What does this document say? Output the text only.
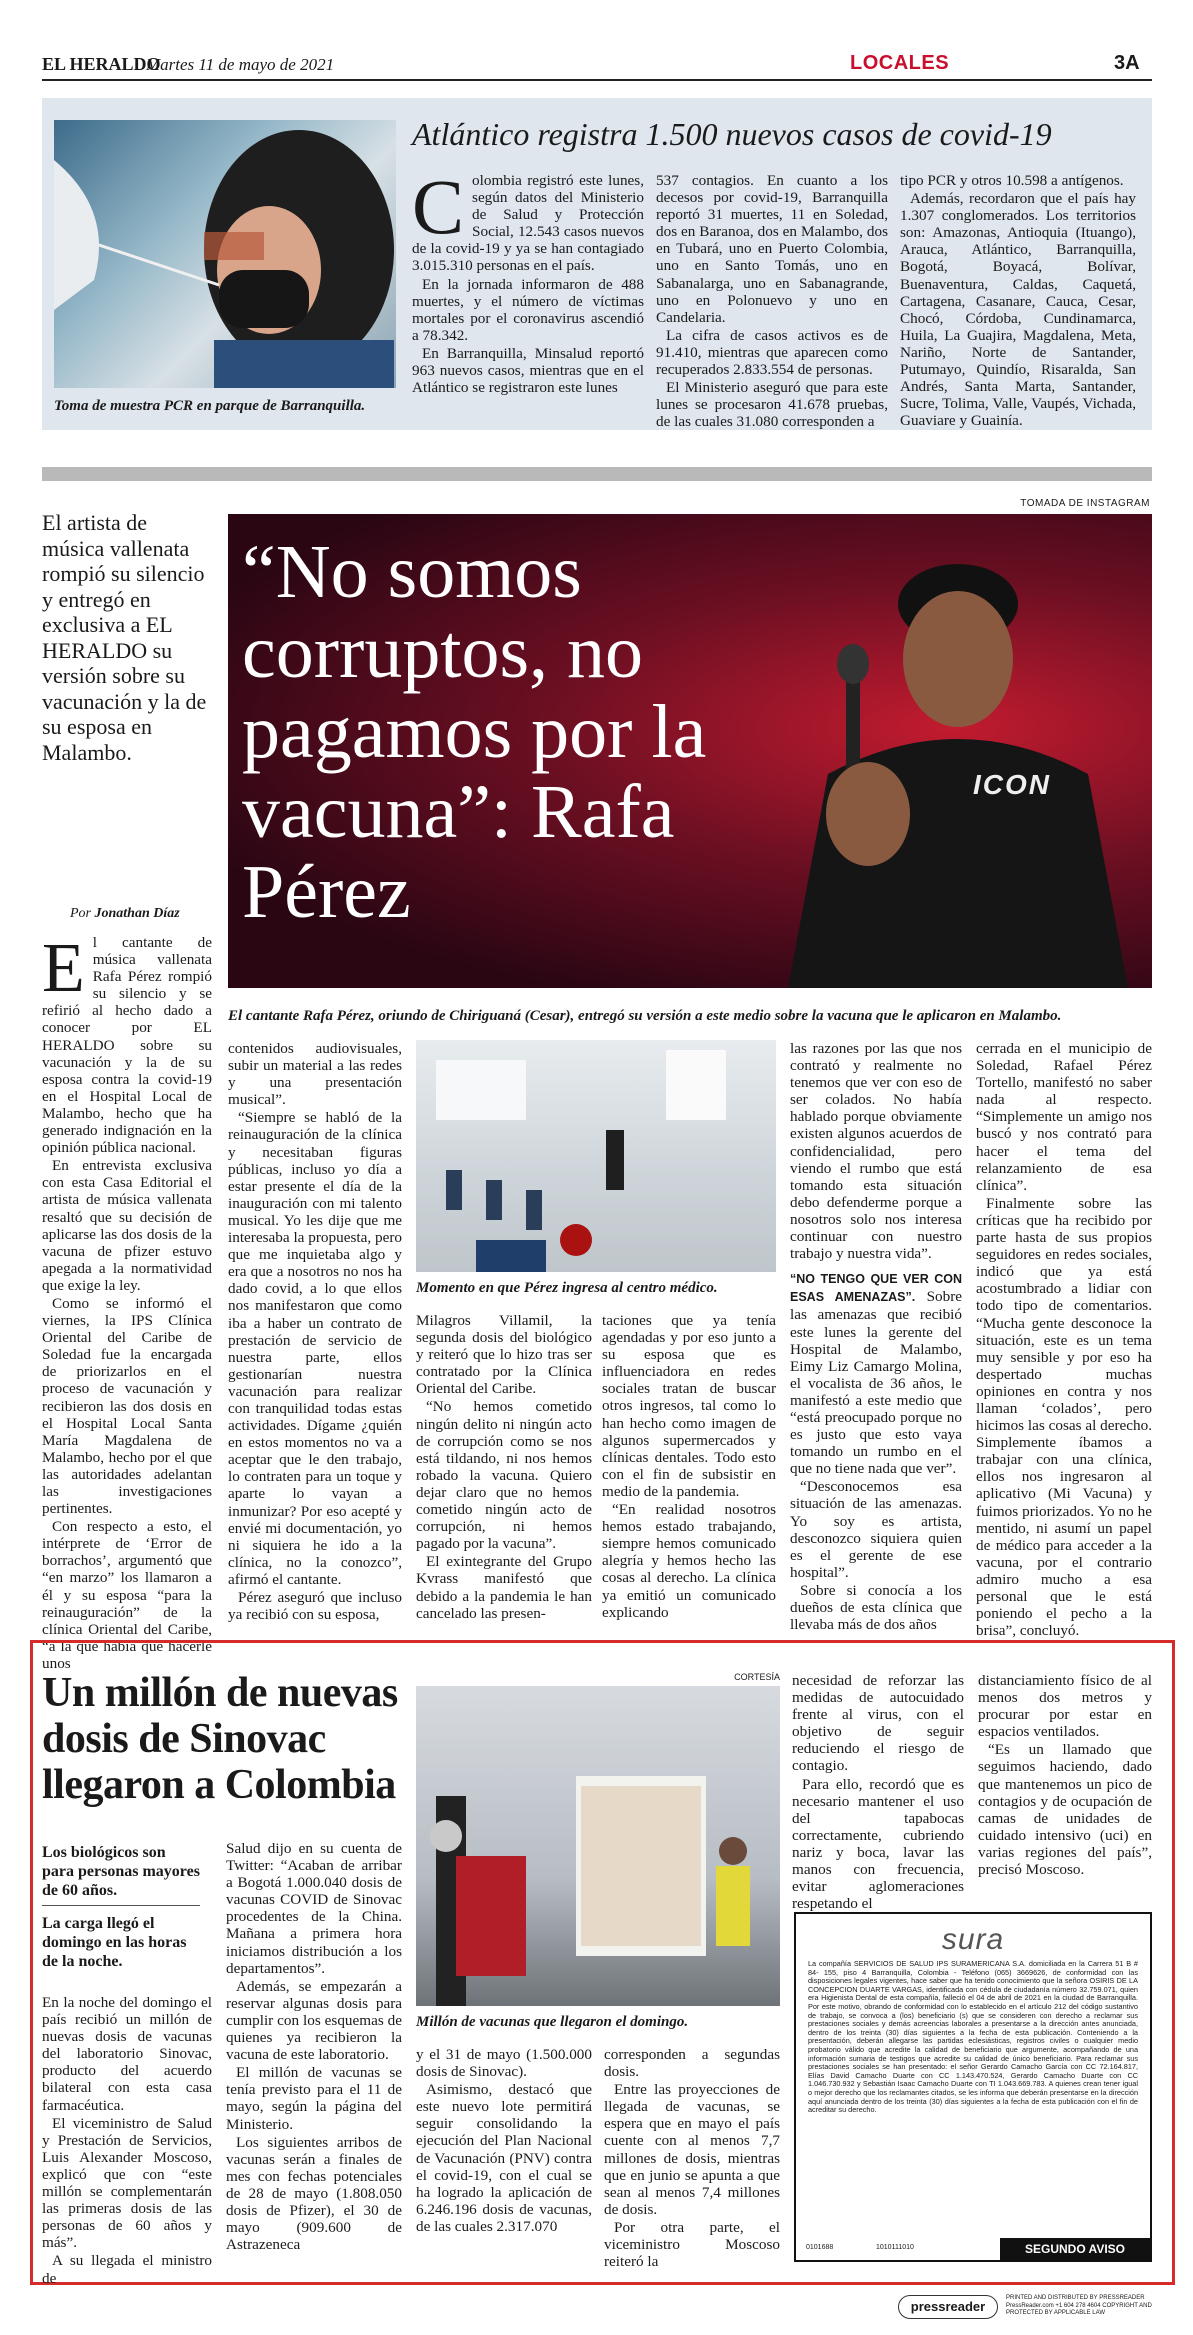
EL HERALDO
Martes 11 de mayo de 2021	LOCALES	3A
Toma de muestra PCR en parque de Barranquilla.
Atlántico registra 1.500 nuevos casos de covid-19
C olombia registró este lunes, según datos del Ministerio de Salud y Protección Social, 12.543 casos nuevos de la covid-19 y ya se han contagiado 3.015.310 personas en el país.

En la jornada informaron de 488 muertes, y el número de víctimas mortales por el coronavirus ascendió a 78.342.

En Barranquilla, Minsalud reportó 963 nuevos casos, mientras que en el Atlántico se registraron este lunes

537 contagios. En cuanto a los decesos por covid-19, Barranquilla reportó 31 muertes, 11 en Soledad, dos en Baranoa, dos en Malambo, dos en Tubará, uno en Puerto Colombia, uno en Santo Tomás, uno en Sabanalarga, uno en Sabanagrande, uno en Polonuevo y uno en Candelaria.

La cifra de casos activos es de 91.410, mientras que aparecen como recuperados 2.833.554 de personas.

El Ministerio aseguró que para este lunes se procesaron 41.678 pruebas, de las cuales 31.080 corresponden a

tipo PCR y otros 10.598 a antígenos.

Además, recordaron que el país hay 1.307 conglomerados. Los territorios son: Amazonas, Antioquia (Ituango), Arauca, Atlántico, Barranquilla, Bogotá, Boyacá, Bolívar, Buenaventura, Caldas, Caquetá, Cartagena, Casanare, Cauca, Cesar, Chocó, Córdoba, Cundinamarca, Huila, La Guajira, Magdalena, Meta, Nariño, Norte de Santander, Putumayo, Quindío, Risaralda, San Andrés, Santa Marta, Santander, Sucre, Tolima, Valle, Vaupés, Vichada, Guaviare y Guainía.

TOMADA DE INSTAGRAM
El artista de música vallenata rompió su silencio y entregó en exclusiva a EL HERALDO su versión sobre su vacunación y la de su esposa en Malambo.
ICON
“No somos corruptos, no pagamos por la vacuna”: Rafa Pérez
El cantante Rafa Pérez, oriundo de Chiriguaná (Cesar), entregó su versión a este medio sobre la vacuna que le aplicaron en Malambo.
Por Jonathan Díaz
E l cantante de música vallenata Rafa Pérez rompió su silencio y se refirió al hecho dado a conocer por EL HERALDO sobre su vacunación y la de su esposa contra la covid-19 en el Hospital Local de Malambo, hecho que ha generado indignación en la opinión pública nacional.

En entrevista exclusiva con esta Casa Editorial el artista de música vallenata resaltó que su decisión de aplicarse las dos dosis de la vacuna de pfizer estuvo apegada a la normatividad que exige la ley.

Como se informó el viernes, la IPS Clínica Oriental del Caribe de Soledad fue la encargada de priorizarlos en el proceso de vacunación y recibieron las dos dosis en el Hospital Local Santa María Magdalena de Malambo, hecho por el que las autoridades adelantan las investigaciones pertinentes.

Con respecto a esto, el intérprete de ‘Error de borrachos’, argumentó que “en marzo” los llamaron a él y su esposa “para la reinauguración” de la clínica Oriental del Caribe, “a la que había que hacerle unos

contenidos audiovisuales, subir un material a las redes y una presentación musical”.

“Siempre se habló de la reinauguración de la clínica y necesitaban figuras públicas, incluso yo día a estar presente el día de la inauguración con mi talento musical. Yo les dije que me interesaba la propuesta, pero que me inquietaba algo y era que a nosotros no nos ha dado covid, a lo que ellos nos manifestaron que como iba a haber un contrato de prestación de servicio de nuestra parte, ellos gestionarían nuestra vacunación para realizar con tranquilidad todas estas actividades. Dígame ¿quién en estos momentos no va a aceptar que le den trabajo, lo contraten para un toque y aparte lo vayan a inmunizar? Por eso acepté y envié mi documentación, yo ni siquiera he ido a la clínica, no la conozco”, afirmó el cantante.

Pérez aseguró que incluso ya recibió con su esposa,

Momento en que Pérez ingresa al centro médico.

Milagros Villamil, la segunda dosis del biológico y reiteró que lo hizo tras ser contratado por la Clínica Oriental del Caribe.

“No hemos cometido ningún delito ni ningún acto de corrupción como se nos está tildando, ni nos hemos robado la vacuna. Quiero dejar claro que no hemos cometido ningún acto de corrupción, ni hemos pagado por la vacuna”.

El exintegrante del Grupo Kvrass manifestó que debido a la pandemia le han cancelado las presen-

taciones que ya tenía agendadas y por eso junto a su esposa que es influenciadora en redes sociales tratan de buscar otros ingresos, tal como lo han hecho como imagen de algunos supermercados y clínicas dentales. Todo esto con el fin de subsistir en medio de la pandemia.

“En realidad nosotros hemos estado trabajando, siempre hemos comunicado alegría y hemos hecho las cosas al derecho. La clínica ya emitió un comunicado explicando

las razones por las que nos contrató y realmente no tenemos que ver con eso de ser colados. No había hablado porque obviamente existen algunos acuerdos de confidencialidad, pero viendo el rumbo que está tomando esta situación debo defenderme porque a nosotros solo nos interesa continuar con nuestro trabajo y nuestra vida”.

“NO TENGO QUE VER CON ESAS AMENAZAS”. Sobre las amenazas que recibió este lunes la gerente del Hospital de Malambo, Eimy Liz Camargo Molina, el vocalista de 36 años, le manifestó a este medio que “está preocupado porque no es justo que esto vaya tomando un rumbo en el que no tiene nada que ver”.

“Desconocemos esa situación de las amenazas. Yo soy es artista, desconozco siquiera quien es el gerente de ese hospital”.

Sobre si conocía a los dueños de esta clínica que llevaba más de dos años

cerrada en el municipio de Soledad, Rafael Pérez Tortello, manifestó no saber nada al respecto. “Simplemente un amigo nos buscó y nos contrató para hacer el tema del relanzamiento de esa clínica”.

Finalmente sobre las críticas que ha recibido por parte hasta de sus propios seguidores en redes sociales, indicó que ya está acostumbrado a lidiar con todo tipo de comentarios. “Mucha gente desconoce la situación, este es un tema muy sensible y por eso ha despertado muchas opiniones en contra y nos llaman ‘colados’, pero hicimos las cosas al derecho. Simplemente íbamos a trabajar con una clínica, ellos nos ingresaron al aplicativo (Mi Vacuna) y fuimos priorizados. Yo no he mentido, ni asumí un papel de médico para acceder a la vacuna, por el contrario admiro mucho a esa personal que le está poniendo el pecho a la brisa”, concluyó.

Un millón de nuevas dosis de Sinovac llegaron a Colombia
Los biológicos son para personas mayores de 60 años.
La carga llegó el domingo en las horas de la noche.

En la noche del domingo el país recibió un millón de nuevas dosis de vacunas del laboratorio Sinovac, producto del acuerdo bilateral con esta casa farmacéutica.

El viceministro de Salud y Prestación de Servicios, Luis Alexander Moscoso, explicó que con “este millón se complementarán las primeras dosis de las personas de 60 años y más”.

A su llegada el ministro de

Salud dijo en su cuenta de Twitter: “Acaban de arribar a Bogotá 1.000.040 dosis de vacunas COVID de Sinovac procedentes de la China. Mañana a primera hora iniciamos distribución a los departamentos”.

Además, se empezarán a reservar algunas dosis para cumplir con los esquemas de quienes ya recibieron la vacuna de este laboratorio.

El millón de vacunas se tenía previsto para el 11 de mayo, según la página del Ministerio.

Los siguientes arribos de vacunas serán a finales de mes con fechas potenciales de 28 de mayo (1.808.050 dosis de Pfizer), el 30 de mayo (909.600 de Astrazeneca

CORTESÍA
Millón de vacunas que llegaron el domingo.

y el 31 de mayo (1.500.000 dosis de Sinovac).

Asimismo, destacó que este nuevo lote permitirá seguir consolidando la ejecución del Plan Nacional de Vacunación (PNV) contra el covid-19, con el cual se ha logrado la aplicación de 6.246.196 dosis de vacunas, de las cuales 2.317.070

corresponden a segundas dosis.

Entre las proyecciones de llegada de vacunas, se espera que en mayo el país cuente con al menos 7,7 millones de dosis, mientras que en junio se apunta a que sean al menos 7,4 millones de dosis.

Por otra parte, el viceministro Moscoso reiteró la

necesidad de reforzar las medidas de autocuidado frente al virus, con el objetivo de seguir reduciendo el riesgo de contagio.

Para ello, recordó que es necesario mantener el uso del tapabocas correctamente, cubriendo nariz y boca, lavar las manos con frecuencia, evitar aglomeraciones respetando el

distanciamiento físico de al menos dos metros y procurar por estar en espacios ventilados.

“Es un llamado que seguimos haciendo, dado que mantenemos un pico de contagios y de ocupación de camas de unidades de cuidado intensivo (uci) en varias regiones del país”, precisó Moscoso.

sura
La compañía SERVICIOS DE SALUD IPS SURAMERICANA S.A. domiciliada en la Carrera 51 B # 84- 155, piso 4 Barranquilla, Colombia - Teléfono (065) 3669626, de conformidad con las disposiciones legales vigentes, hace saber que ha tenido conocimiento que la señora OSIRIS DE LA CONCEPCION DUARTE VARGAS, identificada con cédula de ciudadanía número 32.759.071, quien era Higienista Dental de esta compañía, falleció el 04 de abril de 2021 en la ciudad de Barranquilla. Por este motivo, obrando de conformidad con lo establecido en el artículo 212 del código sustantivo de trabajo, se convoca a (los) beneficiario (s) que se consideren con derecho a reclamar sus prestaciones sociales y demás acreencias laborales a presentarse a la dirección antes anunciada, dentro de los treinta (30) días siguientes a la fecha de esta publicación. Conteniendo a la presentación, deberán allegarse las partidas eclesiásticas, registros civiles o cualquier medio probatorio válido que acredite la calidad de beneficiario que argumente, acompañando de una información sumaria de testigos que acredite su calidad de único beneficiario. Para reclamar sus prestaciones sociales se han presentado: el señor Gerardo Camacho García con CC 72.164.817, Elías David Camacho Duarte con CC 1.143.470.524, Gerardo Camacho Duarte con CC 1.046.730.932 y Sebastián Isaac Camacho Duarte con TI 1.043.669.783. A quienes crean tener igual o mejor derecho que los reclamantes citados, se les informa que deberán presentarse en la dirección aquí anunciada dentro de los treinta (30) días siguientes a la fecha de esta publicación con el fin de acreditar su derecho.
0101688	1010111010	SEGUNDO AVISO
pressreader
PRINTED AND DISTRIBUTED BY PRESSREADER PressReader.com +1 604 278 4604 COPYRIGHT AND PROTECTED BY APPLICABLE LAW
